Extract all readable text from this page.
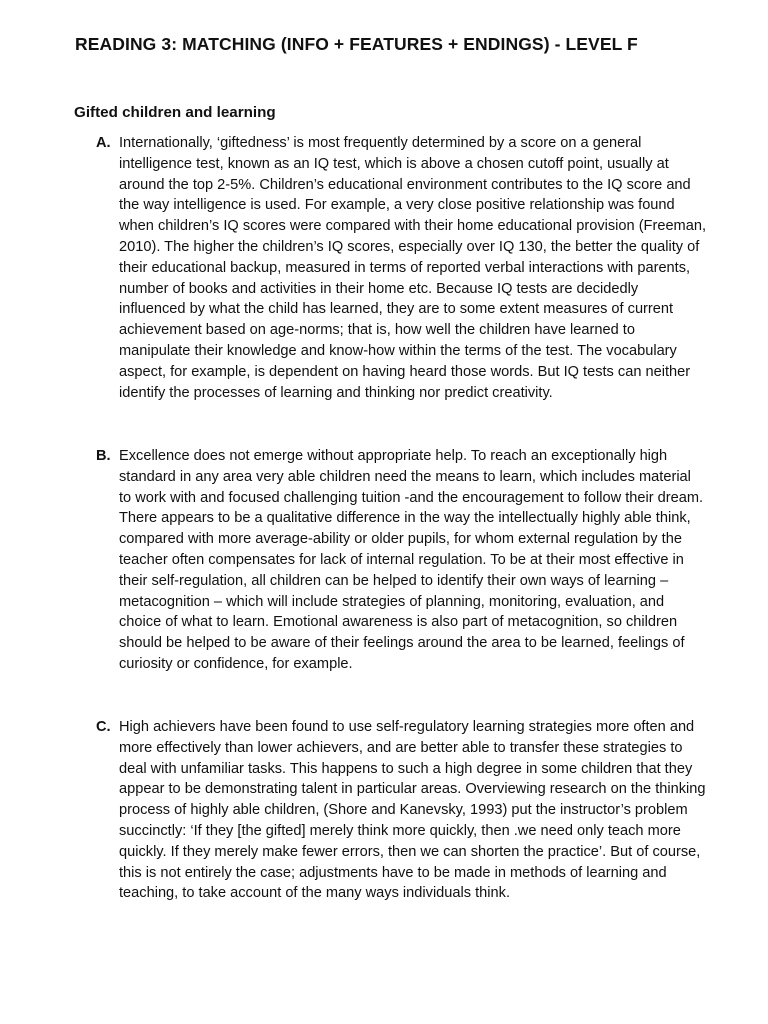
READING 3: MATCHING (INFO + FEATURES + ENDINGS) - LEVEL F
Gifted children and learning
A. Internationally, ‘giftedness’ is most frequently determined by a score on a general intelligence test, known as an IQ test, which is above a chosen cutoff point, usually at around the top 2-5%. Children’s educational environment contributes to the IQ score and the way intelligence is used. For example, a very close positive relationship was found when children’s IQ scores were compared with their home educational provision (Freeman, 2010). The higher the children’s IQ scores, especially over IQ 130, the better the quality of their educational backup, measured in terms of reported verbal interactions with parents, number of books and activities in their home etc. Because IQ tests are decidedly influenced by what the child has learned, they are to some extent measures of current achievement based on age-norms; that is, how well the children have learned to manipulate their knowledge and know-how within the terms of the test. The vocabulary aspect, for example, is dependent on having heard those words. But IQ tests can neither identify the processes of learning and thinking nor predict creativity.
B. Excellence does not emerge without appropriate help. To reach an exceptionally high standard in any area very able children need the means to learn, which includes material to work with and focused challenging tuition -and the encouragement to follow their dream. There appears to be a qualitative difference in the way the intellectually highly able think, compared with more average-ability or older pupils, for whom external regulation by the teacher often compensates for lack of internal regulation. To be at their most effective in their self-regulation, all children can be helped to identify their own ways of learning – metacognition – which will include strategies of planning, monitoring, evaluation, and choice of what to learn. Emotional awareness is also part of metacognition, so children should be helped to be aware of their feelings around the area to be learned, feelings of curiosity or confidence, for example.
C. High achievers have been found to use self-regulatory learning strategies more often and more effectively than lower achievers, and are better able to transfer these strategies to deal with unfamiliar tasks. This happens to such a high degree in some children that they appear to be demonstrating talent in particular areas. Overviewing research on the thinking process of highly able children, (Shore and Kanevsky, 1993) put the instructor’s problem succinctly: ‘If they [the gifted] merely think more quickly, then .we need only teach more quickly. If they merely make fewer errors, then we can shorten the practice’. But of course, this is not entirely the case; adjustments have to be made in methods of learning and teaching, to take account of the many ways individuals think.
